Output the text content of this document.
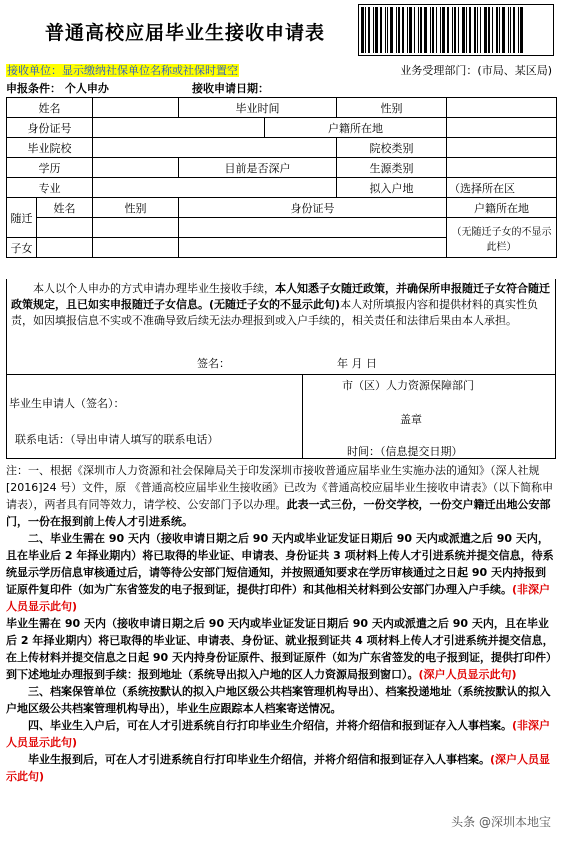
普通高校应届毕业生接收申请表
接收单位：显示缴纳社保单位名称或社保时置空	业务受理部门：(市局、某区局)
申报条件： 个人申办	接收申请日期：
姓名			毕业时间		性别	
身份证号				户籍所在地		
毕业院校					院校类别	
学历			目前是否深户		生源类别	
专业					拟入户地	（选择所在区
随迁	姓名	性别	身份证号			户籍所在地
						（无随迁子女的不显示此栏）
子女						

本人以个人申办的方式申请办理毕业生接收手续，本人知悉子女随迁政策，并确保所申报随迁子女符合随迁政策规定，且已如实申报随迁子女信息。(无随迁子女的不显示此句)本人对所填报内容和提供材料的真实性负责，如因填报信息不实或不准确导致后续无法办理报到或入户手续的，相关责任和法律后果由本人承担。

签名：	年 月 日
毕业生申请人（签名）：
联系电话：（导出申请人填写的联系电话）
市（区）人力资源保障部门
盖章
时间：（信息提交日期）

注：一、根据《深圳市人力资源和社会保障局关于印发深圳市接收普通应届毕业生实施办法的通知》（深人社规[2016]24 号）文件，原 《普通高校应届毕业生接收函》已改为《普通高校应届毕业生接收申请表》（以下简称申请表），两者具有同等效力，请学校、公安部门予以办理。此表一式三份，一份交学校，一份交户籍迁出地公安部门，一份在报到前上传人才引进系统。

二、毕业生需在 90 天内（接收申请日期之后 90 天内或毕业证发证日期后 90 天内或派遣之后 90 天内，且在毕业后 2 年择业期内）将已取得的毕业证、申请表、身份证共 3 项材料上传人才引进系统并提交信息，待系统显示学历信息审核通过后，请等待公安部门短信通知，并按照通知要求在学历审核通过之日起 90 天内持报到证原件复印件（如为广东省签发的电子报到证，提供打印件）和其他相关材料到公安部门办理入户手续。(非深户人员显示此句)

毕业生需在 90 天内（接收申请日期之后 90 天内或毕业证发证日期后 90 天内或派遣之后 90 天内，且在毕业后 2 年择业期内）将已取得的毕业证、申请表、身份证、就业报到证共 4 项材料上传人才引进系统并提交信息，在上传材料并提交信息之日起 90 天内持身份证原件、报到证原件（如为广东省签发的电子报到证，提供打印件）到下述地址办理报到手续：报到地址（系统导出拟入户地的区人力资源局报到窗口）。(深户人员显示此句)

三、档案保管单位（系统按默认的拟入户地区级公共档案管理机构导出）、档案投递地址（系统按默认的拟入户地区级公共档案管理机构导出），毕业生应跟踪本人档案寄送情况。

四、毕业生入户后，可在人才引进系统自行打印毕业生介绍信，并将介绍信和报到证存入人事档案。(非深户人员显示此句)

毕业生报到后，可在人才引进系统自行打印毕业生介绍信，并将介绍信和报到证存入人事档案。(深户人员显示此句)

头条 @深圳本地宝
